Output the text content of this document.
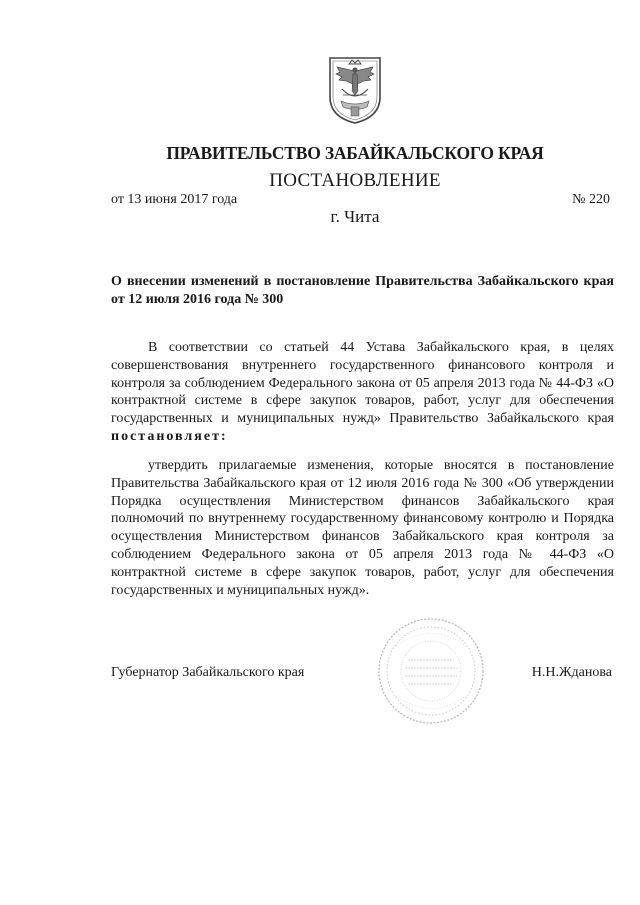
ПРАВИТЕЛЬСТВО ЗАБАЙКАЛЬСКОГО КРАЯ
ПОСТАНОВЛЕНИЕ
от 13 июня 2017 года	№ 220
г. Чита
О внесении изменений в постановление Правительства Забайкальского края от 12 июля 2016 года № 300

В соответствии со статьей 44 Устава Забайкальского края, в целях совершенствования внутреннего государственного финансового контроля и контроля за соблюдением Федерального закона от 05 апреля 2013 года № 44-ФЗ «О контрактной системе в сфере закупок товаров, работ, услуг для обеспечения государственных и муниципальных нужд» Правительство Забайкальского края постановляет:

утвердить прилагаемые изменения, которые вносятся в постановление Правительства Забайкальского края от 12 июля 2016 года № 300 «Об утверждении Порядка осуществления Министерством финансов Забайкальского края полномочий по внутреннему государственному финансовому контролю и Порядка осуществления Министерством финансов Забайкальского края контроля за соблюдением Федерального закона от 05 апреля 2013 года № 44-ФЗ «О контрактной системе в сфере закупок товаров, работ, услуг для обеспечения государственных и муниципальных нужд».

Губернатор Забайкальского края	Н.Н.Жданова
